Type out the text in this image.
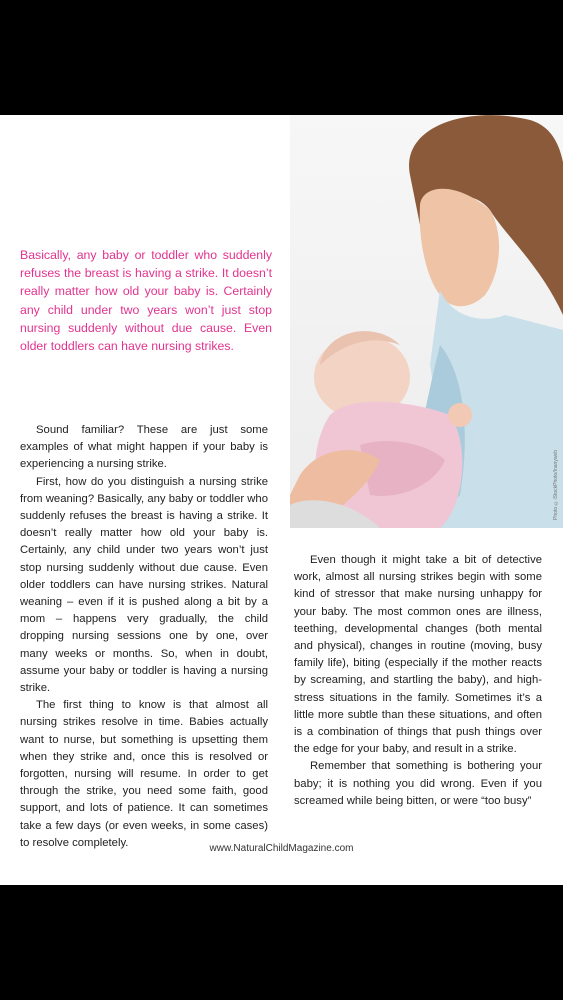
Photo ©iStockPhoto/Inanyweb

Basically, any baby or toddler who suddenly refuses the breast is having a strike. It doesn’t really matter how old your baby is. Certainly any child under two years won’t just stop nursing suddenly without due cause. Even older toddlers can have nursing strikes.

Sound familiar? These are just some examples of what might happen if your baby is experiencing a nursing strike.

First, how do you distinguish a nursing strike from weaning? Basically, any baby or toddler who suddenly refuses the breast is having a strike. It doesn’t really matter how old your baby is. Certainly, any child under two years won’t just stop nursing suddenly without due cause. Even older toddlers can have nursing strikes. Natural weaning – even if it is pushed along a bit by a mom – happens very gradually, the child dropping nursing sessions one by one, over many weeks or months. So, when in doubt, assume your baby or toddler is having a nursing strike.

The first thing to know is that almost all nursing strikes resolve in time. Babies actually want to nurse, but something is upsetting them when they strike and, once this is resolved or forgotten, nursing will resume. In order to get through the strike, you need some faith, good support, and lots of patience. It can sometimes take a few days (or even weeks, in some cases) to resolve completely.

Even though it might take a bit of detective work, almost all nursing strikes begin with some kind of stressor that make nursing unhappy for your baby. The most common ones are illness, teething, developmental changes (both mental and physical), changes in routine (moving, busy family life), biting (especially if the mother reacts by screaming, and startling the baby), and high-stress situations in the family. Sometimes it’s a little more subtle than these situations, and often is a combination of things that push things over the edge for your baby, and result in a strike.

Remember that something is bothering your baby; it is nothing you did wrong. Even if you screamed while being bitten, or were “too busy”

www.NaturalChildMagazine.com
